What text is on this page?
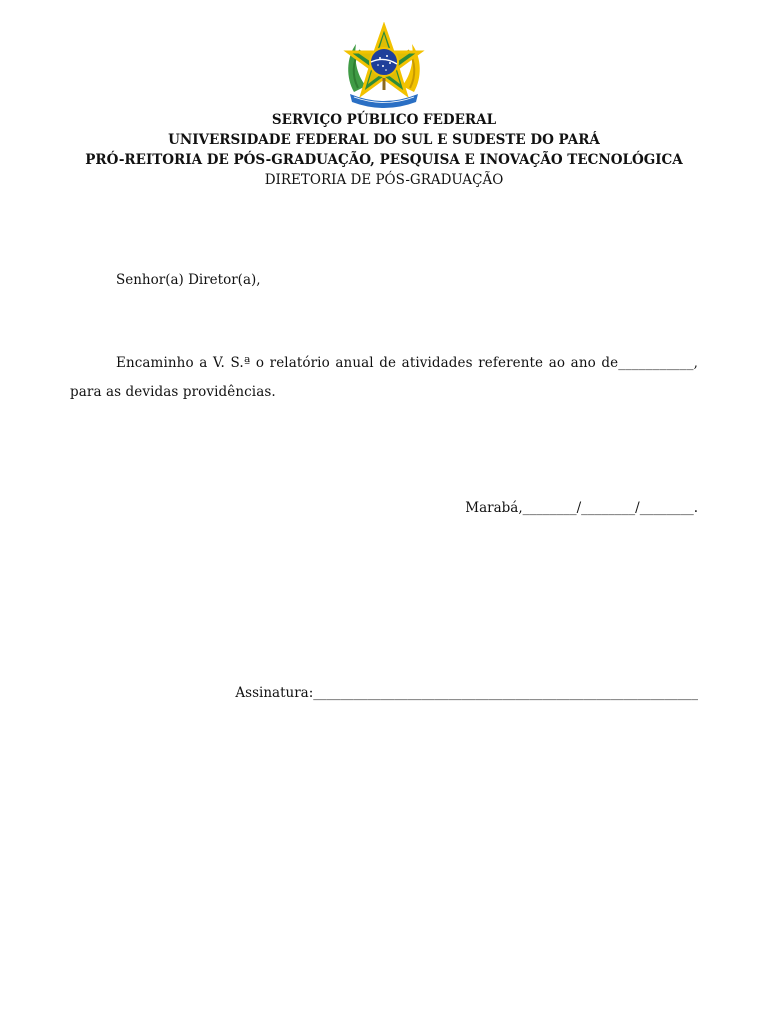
SERVIÇO PÚBLICO FEDERAL
UNIVERSIDADE FEDERAL DO SUL E SUDESTE DO PARÁ
PRÓ-REITORIA DE PÓS-GRADUAÇÃO, PESQUISA E INOVAÇÃO TECNOLÓGICA
DIRETORIA DE PÓS-GRADUAÇÃO
Senhor(a) Diretor(a),
Encaminho a V. S.ª o relatório anual de atividades referente ao ano de___________, para as devidas providências.
Marabá,________/________/________.
Assinatura:_________________________________________________________
